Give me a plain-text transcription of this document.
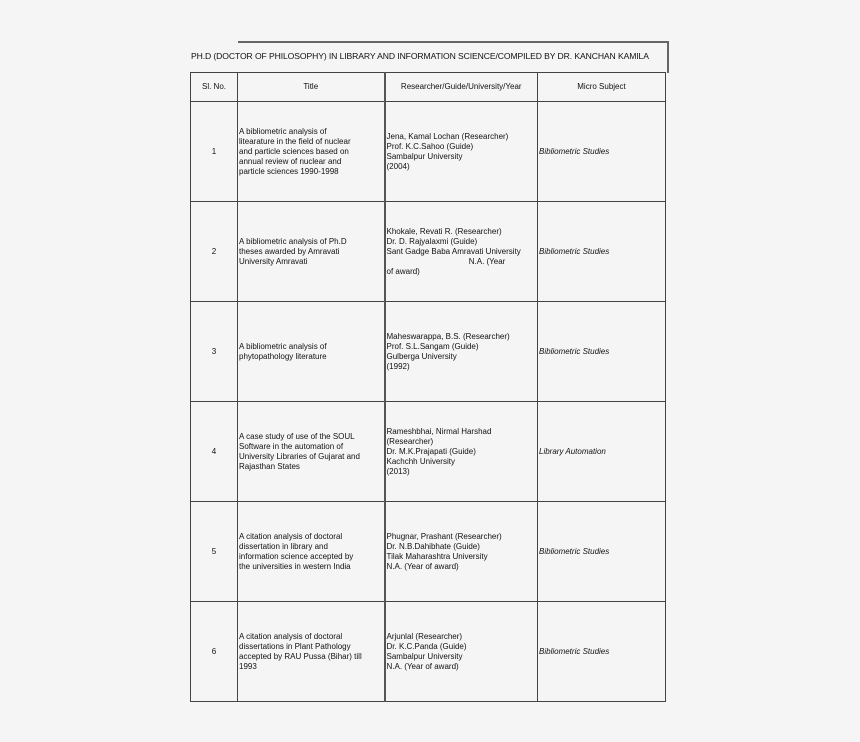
PH.D (DOCTOR OF PHILOSOPHY) IN LIBRARY AND INFORMATION SCIENCE/COMPILED BY DR. KANCHAN KAMILA
Sl. No.	Title	Researcher/Guide/University/Year	Micro Subject
1	A bibliometric analysis of
litearature in the field of nuclear
and particle sciences based on
annual review of nuclear and
particle sciences 1990-1998	Jena, Kamal Lochan (Researcher)
Prof. K.C.Sahoo (Guide)
Sambalpur University
(2004)	Bibliometric Studies
2	A bibliometric analysis of Ph.D
theses awarded by Amravati
University Amravati	Khokale, Revati R. (Researcher)
Dr. D. Rajyalaxmi (Guide)
Sant Gadge Baba Amravati University
N.A. (Year
of award)	Bibliometric Studies
3	A bibliometric analysis of
phytopathology literature	Maheswarappa, B.S. (Researcher)
Prof. S.L.Sangam (Guide)
Gulberga University
(1992)	Bibliometric Studies
4	A case study of use of the SOUL
Software in the automation of
University Libraries of Gujarat and
Rajasthan States	Rameshbhai, Nirmal Harshad
(Researcher)
Dr. M.K.Prajapati (Guide)
Kachchh University
(2013)	Library Automation
5	A citation analysis of doctoral
dissertation in library and
information science accepted by
the universities in western India	Phugnar, Prashant (Researcher)
Dr. N.B.Dahibhate (Guide)
Tilak Maharashtra University
N.A. (Year of award)	Bibliometric Studies
6	A citation analysis of doctoral
dissertations in Plant Pathology
accepted by RAU Pussa (Bihar) till
1993	Arjunlal (Researcher)
Dr. K.C.Panda (Guide)
Sambalpur University
N.A. (Year of award)	Bibliometric Studies
